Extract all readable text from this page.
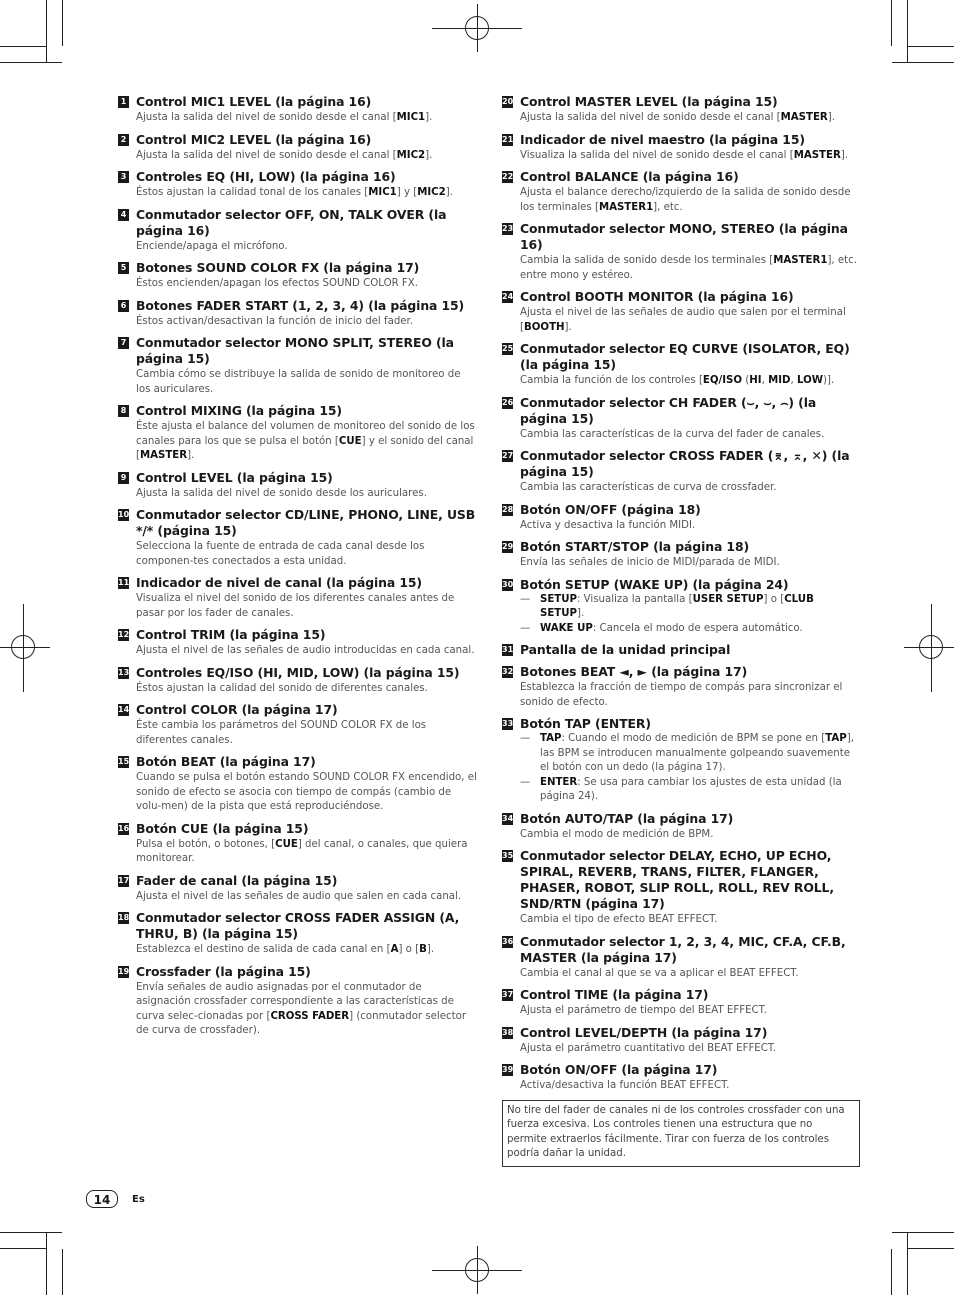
1 Control MIC1 LEVEL (la página 16)
Ajusta la salida del nivel de sonido desde el canal [MIC1].
2 Control MIC2 LEVEL (la página 16)
Ajusta la salida del nivel de sonido desde el canal [MIC2].
3 Controles EQ (HI, LOW) (la página 16)
Éstos ajustan la calidad tonal de los canales [MIC1] y [MIC2].
4 Conmutador selector OFF, ON, TALK OVER (la página 16)
Enciende/apaga el micrófono.
5 Botones SOUND COLOR FX (la página 17)
Éstos encienden/apagan los efectos SOUND COLOR FX.
6 Botones FADER START (1, 2, 3, 4) (la página 15)
Éstos activan/desactivan la función de inicio del fader.
7 Conmutador selector MONO SPLIT, STEREO (la página 15)
Cambia cómo se distribuye la salida de sonido de monitoreo de los auriculares.
8 Control MIXING (la página 15)
Éste ajusta el balance del volumen de monitoreo del sonido de los canales para los que se pulsa el botón [CUE] y el sonido del canal [MASTER].
9 Control LEVEL (la página 15)
Ajusta la salida del nivel de sonido desde los auriculares.
10 Conmutador selector CD/LINE, PHONO, LINE, USB */* (página 15)
Selecciona la fuente de entrada de cada canal desde los componen-tes conectados a esta unidad.
11 Indicador de nivel de canal (la página 15)
Visualiza el nivel del sonido de los diferentes canales antes de pasar por los fader de canales.
12 Control TRIM (la página 15)
Ajusta el nivel de las señales de audio introducidas en cada canal.
13 Controles EQ/ISO (HI, MID, LOW) (la página 15)
Éstos ajustan la calidad del sonido de diferentes canales.
14 Control COLOR (la página 17)
Éste cambia los parámetros del SOUND COLOR FX de los diferentes canales.
15 Botón BEAT (la página 17)
Cuando se pulsa el botón estando SOUND COLOR FX encendido, el sonido de efecto se asocia con tiempo de compás (cambio de volu-men) de la pista que está reproduciéndose.
16 Botón CUE (la página 15)
Pulsa el botón, o botones, [CUE] del canal, o canales, que quiera monitorear.
17 Fader de canal (la página 15)
Ajusta el nivel de las señales de audio que salen en cada canal.
18 Conmutador selector CROSS FADER ASSIGN (A, THRU, B) (la página 15)
Establezca el destino de salida de cada canal en [A] o [B].
19 Crossfader (la página 15)
Envía señales de audio asignadas por el conmutador de asignación crossfader correspondiente a las características de curva selec-cionadas por [CROSS FADER] (conmutador selector de curva de crossfader).
20 Control MASTER LEVEL (la página 15)
Ajusta la salida del nivel de sonido desde el canal [MASTER].
21 Indicador de nivel maestro (la página 15)
Visualiza la salida del nivel de sonido desde el canal [MASTER].
22 Control BALANCE (la página 16)
Ajusta el balance derecho/izquierdo de la salida de sonido desde los terminales [MASTER1], etc.
23 Conmutador selector MONO, STEREO (la página 16)
Cambia la salida de sonido desde los terminales [MASTER1], etc. entre mono y estéreo.
24 Control BOOTH MONITOR (la página 16)
Ajusta el nivel de las señales de audio que salen por el terminal [BOOTH].
25 Conmutador selector EQ CURVE (ISOLATOR, EQ) (la página 15)
Cambia la función de los controles [EQ/ISO (HI, MID, LOW)].
26 Conmutador selector CH FADER (⌣, ⌣, ⌢) (la página 15)
Cambia las características de la curva del fader de canales.
27 Conmutador selector CROSS FADER (⌆, ⌅, ✕) (la página 15)
Cambia las características de curva de crossfader.
28 Botón ON/OFF (página 18)
Activa y desactiva la función MIDI.
29 Botón START/STOP (la página 18)
Envía las señales de inicio de MIDI/parada de MIDI.
30 Botón SETUP (WAKE UP) (la página 24)
— SETUP: Visualiza la pantalla [USER SETUP] o [CLUB SETUP].
— WAKE UP: Cancela el modo de espera automático.
31 Pantalla de la unidad principal
32 Botones BEAT ◄, ► (la página 17)
Establezca la fracción de tiempo de compás para sincronizar el sonido de efecto.
33 Botón TAP (ENTER)
— TAP: Cuando el modo de medición de BPM se pone en [TAP], las BPM se introducen manualmente golpeando suavemente el botón con un dedo (la página 17).
— ENTER: Se usa para cambiar los ajustes de esta unidad (la página 24).
34 Botón AUTO/TAP (la página 17)
Cambia el modo de medición de BPM.
35 Conmutador selector DELAY, ECHO, UP ECHO, SPIRAL, REVERB, TRANS, FILTER, FLANGER, PHASER, ROBOT, SLIP ROLL, ROLL, REV ROLL, SND/RTN (página 17)
Cambia el tipo de efecto BEAT EFFECT.
36 Conmutador selector 1, 2, 3, 4, MIC, CF.A, CF.B, MASTER (la página 17)
Cambia el canal al que se va a aplicar el BEAT EFFECT.
37 Control TIME (la página 17)
Ajusta el parámetro de tiempo del BEAT EFFECT.
38 Control LEVEL/DEPTH (la página 17)
Ajusta el parámetro cuantitativo del BEAT EFFECT.
39 Botón ON/OFF (la página 17)
Activa/desactiva la función BEAT EFFECT.
No tire del fader de canales ni de los controles crossfader con una fuerza excesiva. Los controles tienen una estructura que no permite extraerlos fácilmente. Tirar con fuerza de los controles podría dañar la unidad.
14	Es
